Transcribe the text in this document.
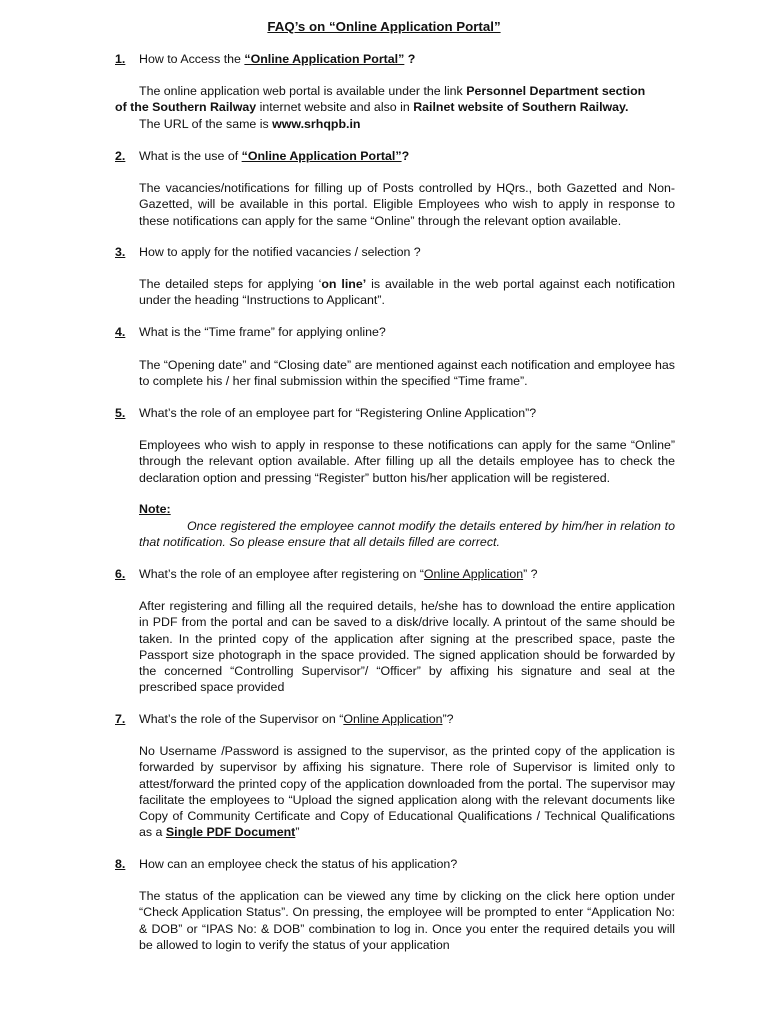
FAQ’s on “Online Application Portal”
1. How to Access the “Online Application Portal” ?
The online application web portal is available under the link Personnel Department section
of the Southern Railway internet website and also in Railnet website of Southern Railway.
The URL of the same is www.srhqpb.in
2. What is the use of “Online Application Portal”?
The vacancies/notifications for filling up of Posts controlled by HQrs., both Gazetted and Non-Gazetted, will be available in this portal. Eligible Employees who wish to apply in response to these notifications can apply for the same “Online” through the relevant option available.
3. How to apply for the notified vacancies / selection ?
The detailed steps for applying ‘on line’ is available in the web portal against each notification under the heading “Instructions to Applicant”.
4. What is the “Time frame” for applying online?
The “Opening date” and “Closing date” are mentioned against each notification and employee has to complete his / her final submission within the specified “Time frame”.
5. What’s the role of an employee part for “Registering Online Application”?
Employees who wish to apply in response to these notifications can apply for the same “Online” through the relevant option available. After filling up all the details employee has to check the declaration option and pressing “Register” button his/her application will be registered.
Note:
Once registered the employee cannot modify the details entered by him/her in relation to that notification. So please ensure that all details filled are correct.
6. What’s the role of an employee after registering on “Online Application” ?
After registering and filling all the required details, he/she has to download the entire application in PDF from the portal and can be saved to a disk/drive locally. A printout of the same should be taken. In the printed copy of the application after signing at the prescribed space, paste the Passport size photograph in the space provided. The signed application should be forwarded by the concerned “Controlling Supervisor”/ “Officer” by affixing his signature and seal at the prescribed space provided
7. What’s the role of the Supervisor on “Online Application”?
No Username /Password is assigned to the supervisor, as the printed copy of the application is forwarded by supervisor by affixing his signature. There role of Supervisor is limited only to attest/forward the printed copy of the application downloaded from the portal. The supervisor may facilitate the employees to “Upload the signed application along with the relevant documents like Copy of Community Certificate and Copy of Educational Qualifications / Technical Qualifications as a Single PDF Document”
8. How can an employee check the status of his application?
The status of the application can be viewed any time by clicking on the click here option under “Check Application Status”. On pressing, the employee will be prompted to enter “Application No: & DOB” or “IPAS No: & DOB” combination to log in. Once you enter the required details you will be allowed to login to verify the status of your application
